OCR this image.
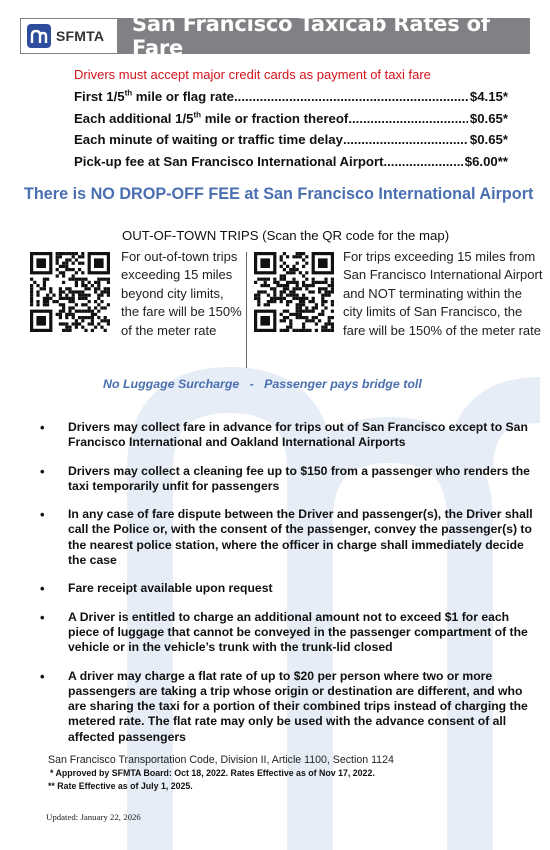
SFMTA	San Francisco Taxicab Rates of Fare
Drivers must accept major credit cards as payment of taxi fare
First 1/5th mile or flag rate .....	$4.15*
Each additional 1/5th mile or fraction thereof .....	$0.65*
Each minute of waiting or traffic time delay .....	$0.65*
Pick-up fee at San Francisco International Airport .....	$6.00**
There is NO DROP-OFF FEE at San Francisco International Airport
OUT-OF-TOWN TRIPS (Scan the QR code for the map)
For out-of-town trips exceeding 15 miles beyond city limits, the fare will be 150% of the meter rate
For trips exceeding 15 miles from San Francisco International Airport and NOT terminating within the city limits of San Francisco, the fare will be 150% of the meter rate
No Luggage Surcharge   -   Passenger pays bridge toll
• Drivers may collect fare in advance for trips out of San Francisco except to San Francisco International and Oakland International Airports
• Drivers may collect a cleaning fee up to $150 from a passenger who renders the taxi temporarily unfit for passengers
• In any case of fare dispute between the Driver and passenger(s), the Driver shall call the Police or, with the consent of the passenger, convey the passenger(s) to the nearest police station, where the officer in charge shall immediately decide the case
• Fare receipt available upon request
• A Driver is entitled to charge an additional amount not to exceed $1 for each piece of luggage that cannot be conveyed in the passenger compartment of the vehicle or in the vehicle’s trunk with the trunk-lid closed
• A driver may charge a flat rate of up to $20 per person where two or more passengers are taking a trip whose origin or destination are different, and who are sharing the taxi for a portion of their combined trips instead of charging the metered rate. The flat rate may only be used with the advance consent of all affected passengers
San Francisco Transportation Code, Division II, Article 1100, Section 1124
* Approved by SFMTA Board: Oct 18, 2022. Rates Effective as of Nov 17, 2022.
** Rate Effective as of July 1, 2025.
Updated: January 22, 2026
